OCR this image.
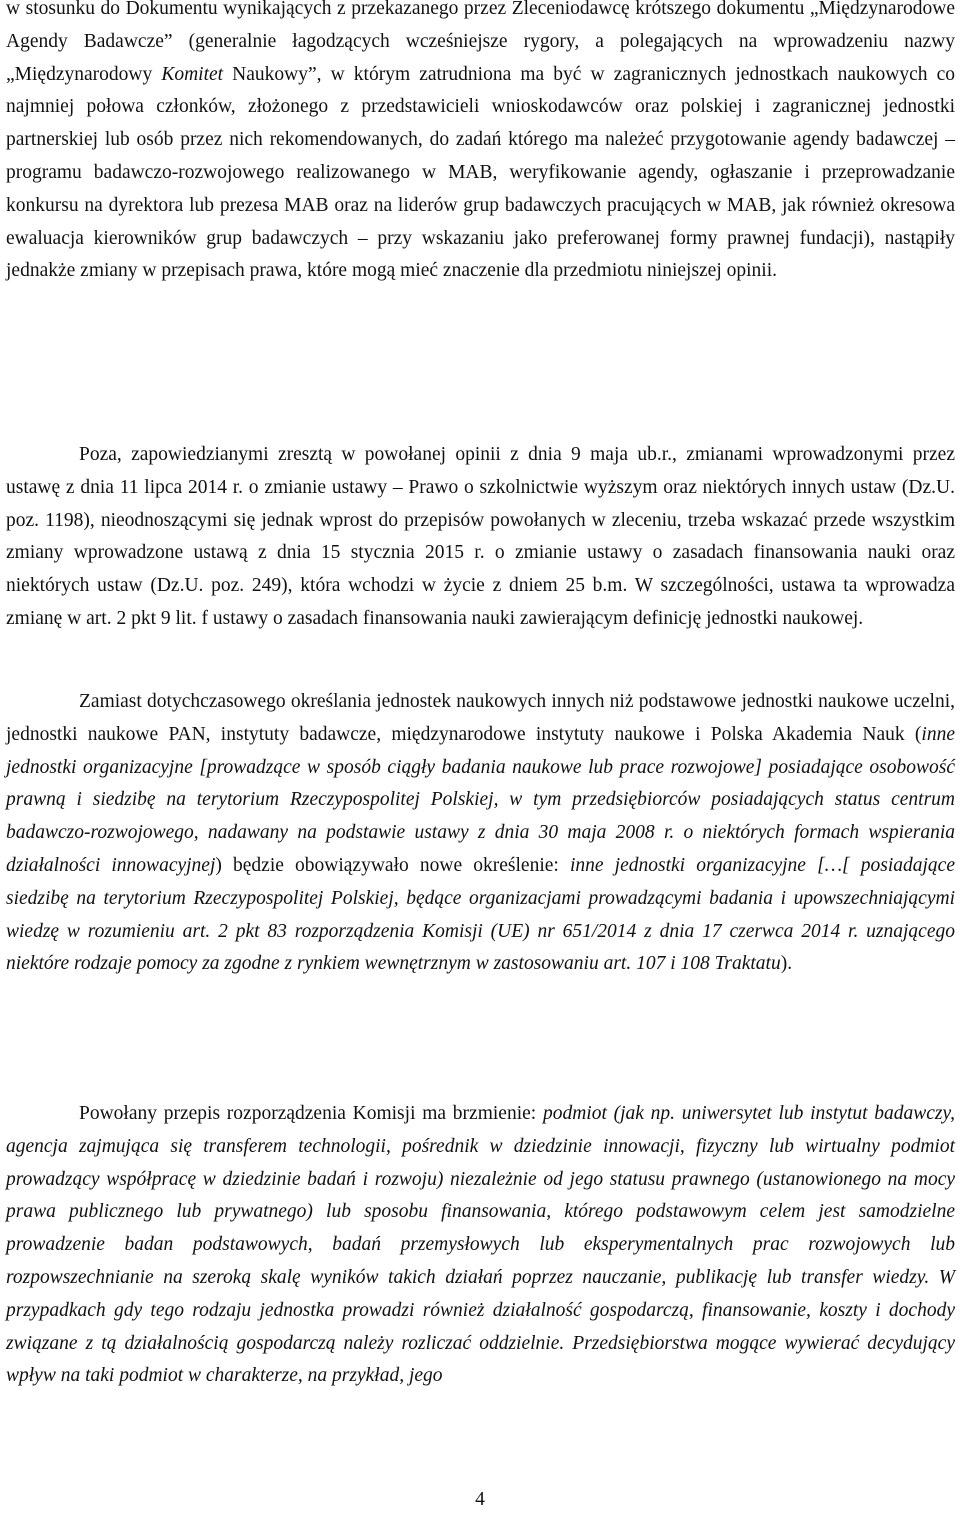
w stosunku do Dokumentu wynikających z przekazanego przez Zleceniodawcę krótszego dokumentu „Międzynarodowe Agendy Badawcze” (generalnie łagodzących wcześniejsze rygory, a polegających na wprowadzeniu nazwy „Międzynarodowy Komitet Naukowy”, w którym zatrudniona ma być w zagranicznych jednostkach naukowych co najmniej połowa członków, złożonego z przedstawicieli wnioskodawców oraz polskiej i zagranicznej jednostki partnerskiej lub osób przez nich rekomendowanych, do zadań którego ma należeć przygotowanie agendy badawczej – programu badawczo-rozwojowego realizowanego w MAB, weryfikowanie agendy, ogłaszanie i przeprowadzanie konkursu na dyrektora lub prezesa MAB oraz na liderów grup badawczych pracujących w MAB, jak również okresowa ewaluacja kierowników grup badawczych – przy wskazaniu jako preferowanej formy prawnej fundacji), nastąpiły jednakże zmiany w przepisach prawa, które mogą mieć znaczenie dla przedmiotu niniejszej opinii.

Poza, zapowiedzianymi zresztą w powołanej opinii z dnia 9 maja ub.r., zmianami wprowadzonymi przez ustawę z dnia 11 lipca 2014 r. o zmianie ustawy – Prawo o szkolnictwie wyższym oraz niektórych innych ustaw (Dz.U. poz. 1198), nieodnoszącymi się jednak wprost do przepisów powołanych w zleceniu, trzeba wskazać przede wszystkim zmiany wprowadzone ustawą z dnia 15 stycznia 2015 r. o zmianie ustawy o zasadach finansowania nauki oraz niektórych ustaw (Dz.U. poz. 249), która wchodzi w życie z dniem 25 b.m. W szczególności, ustawa ta wprowadza zmianę w art. 2 pkt 9 lit. f ustawy o zasadach finansowania nauki zawierającym definicję jednostki naukowej.

Zamiast dotychczasowego określania jednostek naukowych innych niż podstawowe jednostki naukowe uczelni, jednostki naukowe PAN, instytuty badawcze, międzynarodowe instytuty naukowe i Polska Akademia Nauk (inne jednostki organizacyjne [prowadzące w sposób ciągły badania naukowe lub prace rozwojowe] posiadające osobowość prawną i siedzibę na terytorium Rzeczypospolitej Polskiej, w tym przedsiębiorców posiadających status centrum badawczo-rozwojowego, nadawany na podstawie ustawy z dnia 30 maja 2008 r. o niektórych formach wspierania działalności innowacyjnej) będzie obowiązywało nowe określenie: inne jednostki organizacyjne […[ posiadające siedzibę na terytorium Rzeczypospolitej Polskiej, będące organizacjami prowadzącymi badania i upowszechniającymi wiedzę w rozumieniu art. 2 pkt 83 rozporządzenia Komisji (UE) nr 651/2014 z dnia 17 czerwca 2014 r. uznającego niektóre rodzaje pomocy za zgodne z rynkiem wewnętrznym w zastosowaniu art. 107 i 108 Traktatu).

Powołany przepis rozporządzenia Komisji ma brzmienie: podmiot (jak np. uniwersytet lub instytut badawczy, agencja zajmująca się transferem technologii, pośrednik w dziedzinie innowacji, fizyczny lub wirtualny podmiot prowadzący współpracę w dziedzinie badań i rozwoju) niezależnie od jego statusu prawnego (ustanowionego na mocy prawa publicznego lub prywatnego) lub sposobu finansowania, którego podstawowym celem jest samodzielne prowadzenie badan podstawowych, badań przemysłowych lub eksperymentalnych prac rozwojowych lub rozpowszechnianie na szeroką skalę wyników takich działań poprzez nauczanie, publikację lub transfer wiedzy. W przypadkach gdy tego rodzaju jednostka prowadzi również działalność gospodarczą, finansowanie, koszty i dochody związane z tą działalnością gospodarczą należy rozliczać oddzielnie. Przedsiębiorstwa mogące wywierać decydujący wpływ na taki podmiot w charakterze, na przykład, jego

4
